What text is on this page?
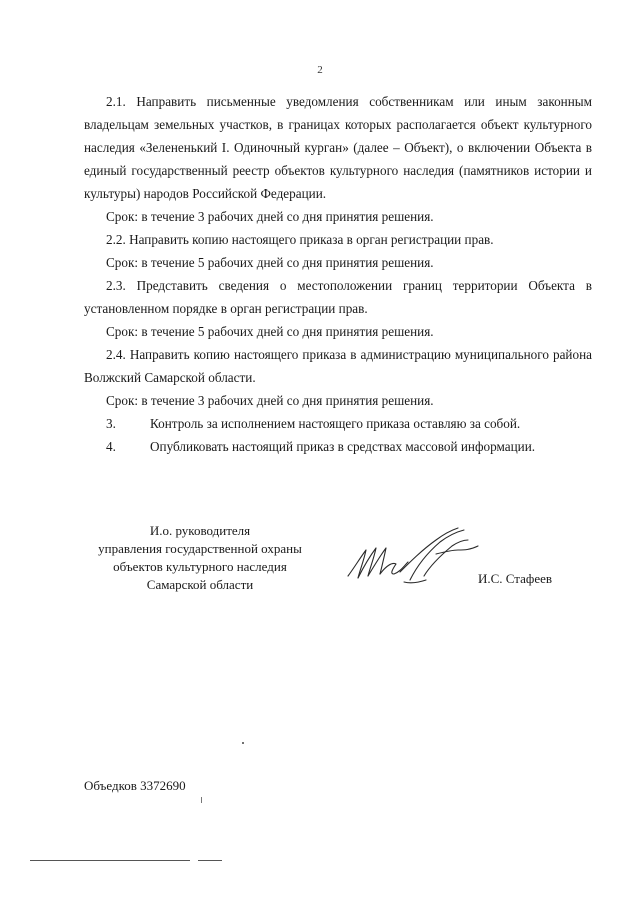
2

2.1. Направить письменные уведомления собственникам или иным законным владельцам земельных участков, в границах которых располагается объект культурного наследия «Зелененький I. Одиночный курган» (далее – Объект), о включении Объекта в единый государственный реестр объектов культурного наследия (памятников истории и культуры) народов Российской Федерации.

Срок: в течение 3 рабочих дней со дня принятия решения.

2.2. Направить копию настоящего приказа в орган регистрации прав.

Срок: в течение 5 рабочих дней со дня принятия решения.

2.3. Представить сведения о местоположении границ территории Объекта в установленном порядке в орган регистрации прав.

Срок: в течение 5 рабочих дней со дня принятия решения.

2.4. Направить копию настоящего приказа в администрацию муниципального района Волжский Самарской области.

Срок: в течение 3 рабочих дней со дня принятия решения.

3.	Контроль за исполнением настоящего приказа оставляю за собой.
4.	Опубликовать настоящий приказ в средствах массовой информации.
И.о. руководителя
управления государственной охраны
объектов культурного наследия
Самарской области	И.С. Стафеев
Объедков 3372690
